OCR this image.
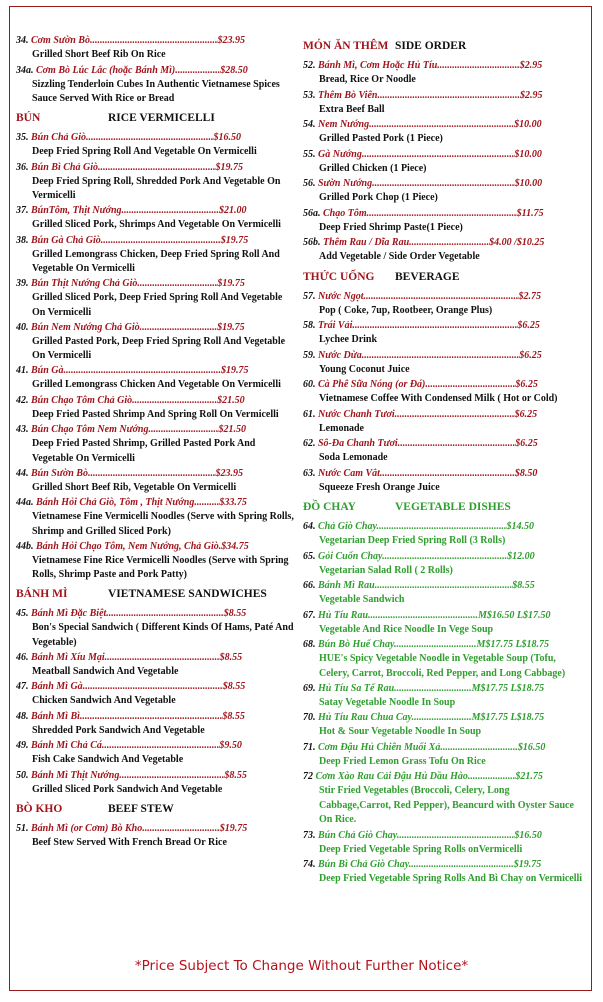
34. Cơm Sườn Bò...................................................$23.95
Grilled Short Beef Rib On Rice
34a. Cơm Bò Lúc Lắc (hoặc Bánh Mì)..................$28.50
Sizzling Tenderloin Cubes In Authentic Vietnamese Spices Sauce Served With Rice or Bread
BÚN	RICE VERMICELLI
35. Bún Chả Giò...................................................$16.50
Deep Fried Spring Roll And Vegetable On Vermicelli
36. Bún Bì Chả Giò...............................................$19.75
Deep Fried Spring Roll, Shredded Pork And Vegetable On Vermicelli
37. BúnTôm, Thịt Nướng.......................................$21.00
Grilled Sliced Pork, Shrimps And Vegetable On Vermicelli
38. Bún Gà Chả Giò................................................$19.75
Grilled Lemongrass Chicken, Deep Fried Spring Roll And Vegetable On Vermicelli
39. Bún Thịt Nướng Chả Giò................................$19.75
Grilled Sliced Pork, Deep Fried Spring Roll And Vegetable On Vermicelli
40. Bún Nem Nướng Chả Giò...............................$19.75
Grilled Pasted Pork, Deep Fried Spring Roll And Vegetable On Vermicelli
41. Bún Gà...............................................................$19.75
Grilled Lemongrass Chicken And Vegetable On Vermicelli
42. Bún Chạo Tôm Chả Giò..................................$21.50
Deep Fried Pasted Shrimp And Spring Roll On Vermicelli
43. Bún Chạo Tôm Nem Nướng............................$21.50
Deep Fried Pasted Shrimp, Grilled Pasted Pork And Vegetable On Vermicelli
44. Bún Sườn Bò...................................................$23.95
Grilled Short Beef Rib, Vegetable On Vermicelli
44a. Bánh Hỏi Chả Giò, Tôm , Thịt Nướng..........$33.75
Vietnamese Fine Vermicelli Noodles (Serve with Spring Rolls, Shrimp and Grilled Sliced Pork)
44b. Bánh Hỏi Chạo Tôm, Nem Nướng, Chả Giò.$34.75
Vietnamese Fine Rice Vermicelli Noodles (Serve with Spring Rolls, Shrimp Paste and Pork Patty)
BÁNH MÌ	VIETNAMESE SANDWICHES
45. Bánh Mì Đặc Biệt...............................................$8.55
Bon's Special Sandwich ( Different Kinds Of Hams, Paté And Vegetable)
46. Bánh Mì Xíu Mại..............................................$8.55
Meatball Sandwich And Vegetable
47. Bánh Mì Gà........................................................$8.55
Chicken Sandwich And Vegetable
48. Bánh Mì Bì.........................................................$8.55
Shredded Pork Sandwich And Vegetable
49. Bánh Mì Chả Cá...............................................$9.50
Fish Cake Sandwich And Vegetable
50. Bánh Mì Thịt Nướng..........................................$8.55
Grilled Sliced Pork Sandwich And Vegetable
BÒ KHO	BEEF STEW
51. Bánh Mì (or Cơm) Bò Kho...............................$19.75
Beef Stew Served With French Bread Or Rice
MÓN ĂN THÊM SIDE ORDER
52. Bánh Mì, Cơm Hoặc Hủ Tíu.................................$2.95
Bread, Rice Or Noodle
53. Thêm Bò Viên.........................................................$2.95
Extra Beef Ball
54. Nem Nướng..........................................................$10.00
Grilled Pasted Pork (1 Piece)
55. Gà Nướng.............................................................$10.00
Grilled Chicken (1 Piece)
56. Sườn Nướng.........................................................$10.00
Grilled Pork Chop (1 Piece)
56a. Chạo Tôm............................................................$11.75
Deep Fried Shrimp Paste(1 Piece)
56b. Thêm Rau / Dĩa Rau................................$4.00 /$10.25
Add Vegetable / Side Order Vegetable
THỨC UỐNG BEVERAGE
57. Nước Ngọt..............................................................$2.75
Pop ( Coke, 7up, Rootbeer, Orange Plus)
58. Trái Vải..................................................................$6.25
Lychee Drink
59. Nước Dừa...............................................................$6.25
Young Coconut Juice
60. Cà Phê Sữa Nóng (or Đá)....................................$6.25
Vietnamese Coffee With Condensed Milk ( Hot or Cold)
61. Nước Chanh Tươi................................................$6.25
Lemonade
62. Sô-Đa Chanh Tươi...............................................$6.25
Soda Lemonade
63. Nước Cam Vắt......................................................$8.50
Squeeze Fresh Orange Juice
ĐỒ CHAY	VEGETABLE DISHES
64. Chả Giò Chay....................................................$14.50
Vegetarian Deep Fried Spring Roll (3 Rolls)
65. Gỏi Cuốn Chay..................................................$12.00
Vegetarian Salad Roll ( 2 Rolls)
66. Bánh Mì Rau.......................................................$8.55
Vegetable Sandwich
67. Hủ Tíu Rau............................................M$16.50 L$17.50
Vegetable And Rice Noodle In Vege Soup
68. Bún Bò Huế Chay.................................M$17.75 L$18.75
HUE's Spicy Vegetable Noodle in Vegetable Soup (Tofu, Celery, Carrot, Broccoli, Red Pepper, and Long Cabbage)
69. Hủ Tíu Sa Tế Rau...............................M$17.75 L$18.75
Satay Vegetable Noodle In Soup
70. Hủ Tíu Rau Chua Cay........................M$17.75 L$18.75
Hot & Sour Vegetable Noodle In Soup
71. Cơm Đậu Hủ Chiên Muối Xả...............................$16.50
Deep Fried Lemon Grass Tofu On Rice
72 Cơm Xào Rau Cải Đậu Hủ Dầu Hào...................$21.75
Stir Fried Vegetables (Broccoli, Celery, Long Cabbage,Carrot, Red Pepper), Beancurd with Oyster Sauce On Rice.
73. Bún Chả Giò Chay...............................................$16.50
Deep Fried Vegetable Spring Rolls onVermicelli
74. Bún Bì Chả Giò Chay..........................................$19.75
Deep Fried Vegetable Spring Rolls And Bì Chay on Vermicelli
*Price Subject To Change Without Further Notice*
